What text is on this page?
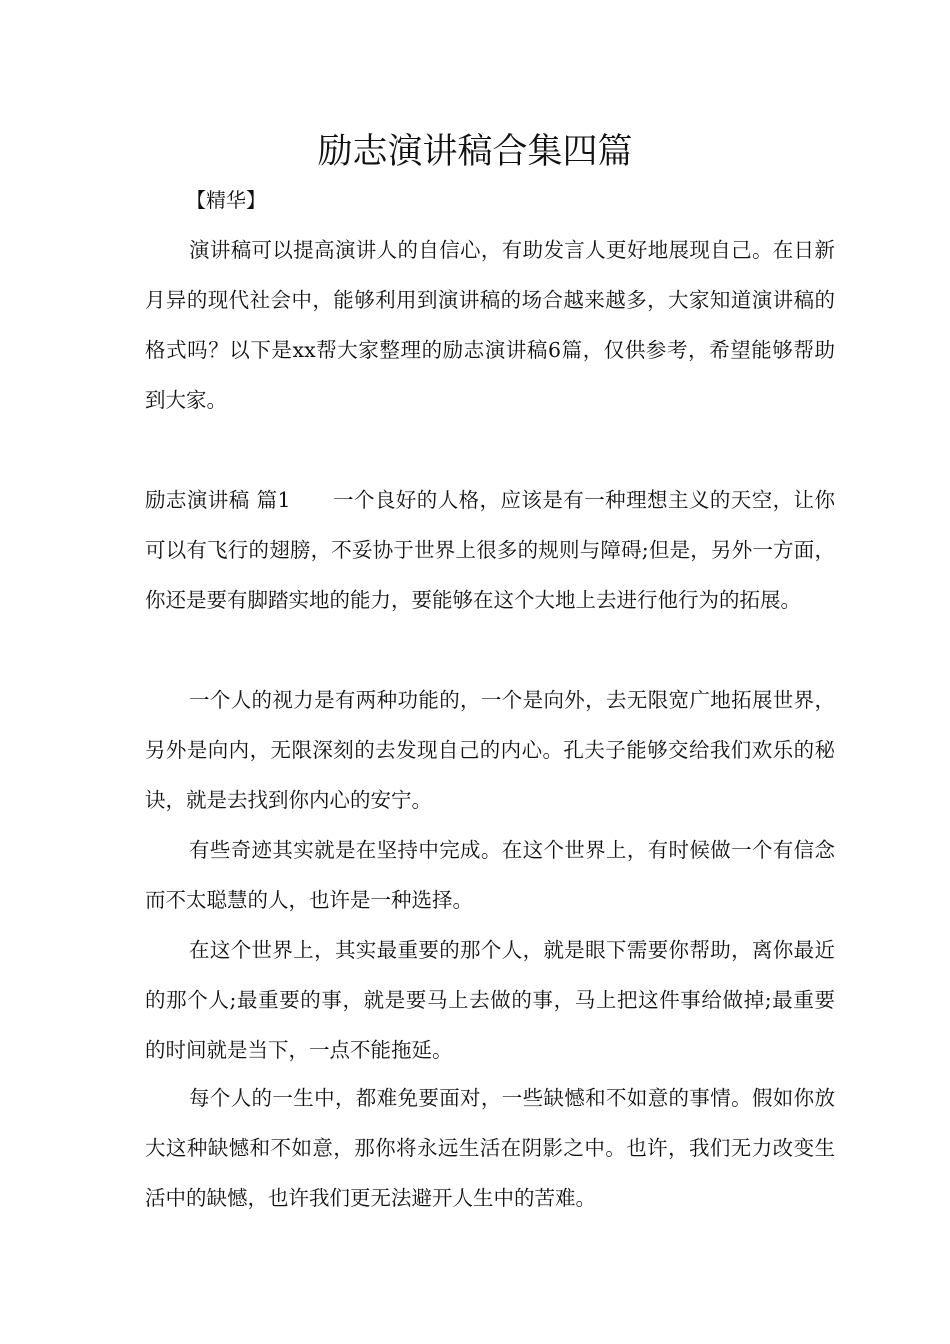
励志演讲稿合集四篇
【精华】

演讲稿可以提高演讲人的自信心，有助发言人更好地展现自己。在日新月异的现代社会中，能够利用到演讲稿的场合越来越多，大家知道演讲稿的格式吗？以下是xx帮大家整理的励志演讲稿6篇，仅供参考，希望能够帮助到大家。

励志演讲稿 篇1 一个良好的人格，应该是有一种理想主义的天空，让你可以有飞行的翅膀，不妥协于世界上很多的规则与障碍;但是，另外一方面，你还是要有脚踏实地的能力，要能够在这个大地上去进行他行为的拓展。

一个人的视力是有两种功能的，一个是向外，去无限宽广地拓展世界，另外是向内，无限深刻的去发现自己的内心。孔夫子能够交给我们欢乐的秘诀，就是去找到你内心的安宁。

有些奇迹其实就是在坚持中完成。在这个世界上，有时候做一个有信念而不太聪慧的人，也许是一种选择。

在这个世界上，其实最重要的那个人，就是眼下需要你帮助，离你最近的那个人;最重要的事，就是要马上去做的事，马上把这件事给做掉;最重要的时间就是当下，一点不能拖延。

每个人的一生中，都难免要面对，一些缺憾和不如意的事情。假如你放大这种缺憾和不如意，那你将永远生活在阴影之中。也许，我们无力改变生活中的缺憾，也许我们更无法避开人生中的苦难。
